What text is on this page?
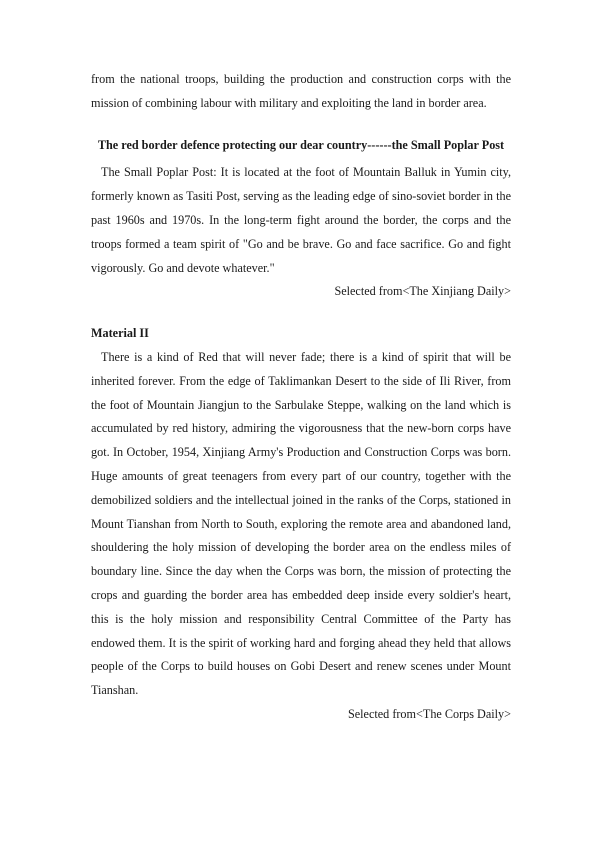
from the national troops, building the production and construction corps with the mission of combining labour with military and exploiting the land in border area.

The red border defence protecting our dear country------the Small Poplar Post

The Small Poplar Post: It is located at the foot of Mountain Balluk in Yumin city, formerly known as Tasiti Post, serving as the leading edge of sino-soviet border in the past 1960s and 1970s. In the long-term fight around the border, the corps and the troops formed a team spirit of "Go and be brave. Go and face sacrifice. Go and fight vigorously. Go and devote whatever."

Selected from<The Xinjiang Daily>

Material II

There is a kind of Red that will never fade; there is a kind of spirit that will be inherited forever. From the edge of Taklimankan Desert to the side of Ili River, from the foot of Mountain Jiangjun to the Sarbulake Steppe, walking on the land which is accumulated by red history, admiring the vigorousness that the new-born corps have got. In October, 1954, Xinjiang Army's Production and Construction Corps was born. Huge amounts of great teenagers from every part of our country, together with the demobilized soldiers and the intellectual joined in the ranks of the Corps, stationed in Mount Tianshan from North to South, exploring the remote area and abandoned land, shouldering the holy mission of developing the border area on the endless miles of boundary line. Since the day when the Corps was born, the mission of protecting the crops and guarding the border area has embedded deep inside every soldier's heart, this is the holy mission and responsibility Central Committee of the Party has endowed them. It is the spirit of working hard and forging ahead they held that allows people of the Corps to build houses on Gobi Desert and renew scenes under Mount Tianshan.

Selected from<The Corps Daily>
